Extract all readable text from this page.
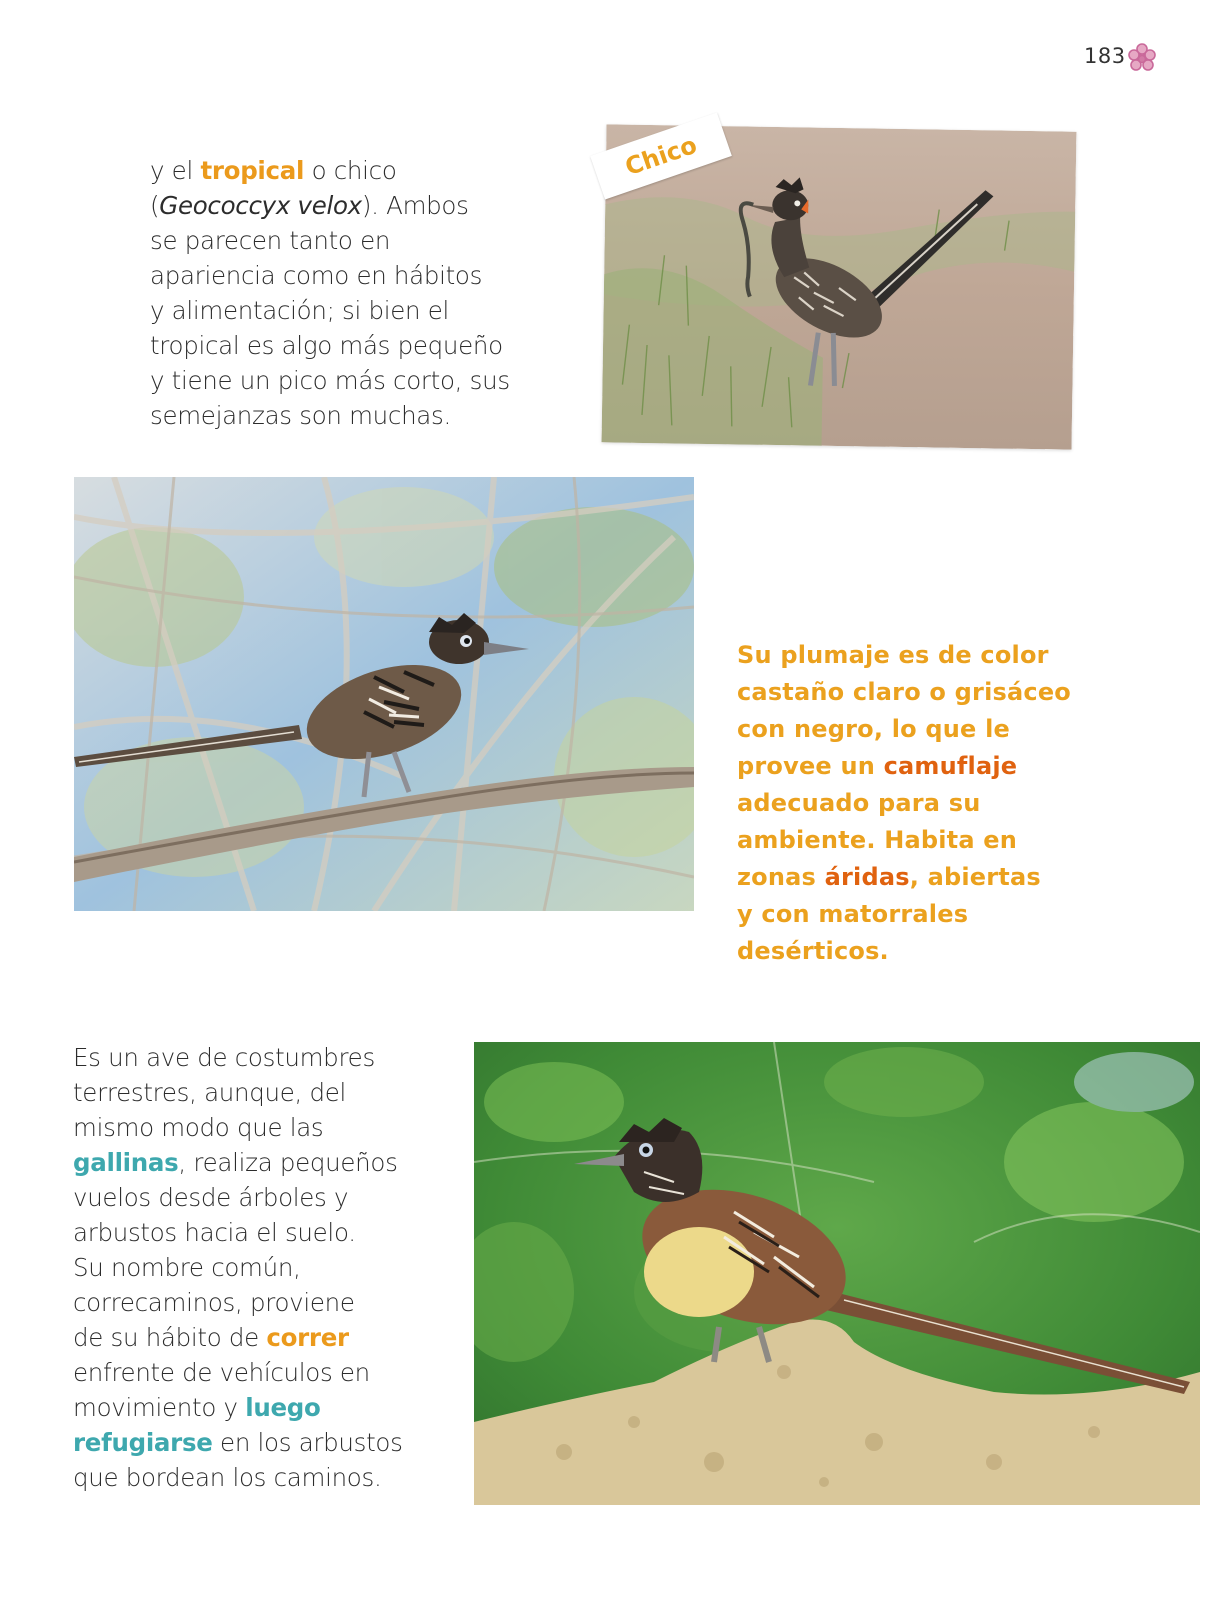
183
y el tropical o chico
(Geococcyx velox). Ambos
se parecen tanto en
apariencia como en hábitos
y alimentación; si bien el
tropical es algo más pequeño
y tiene un pico más corto, sus
semejanzas son muchas.
Chico
Su plumaje es de color
castaño claro o grisáceo
con negro, lo que le
provee un camuflaje
adecuado para su
ambiente. Habita en
zonas áridas, abiertas
y con matorrales
desérticos.
Es un ave de costumbres
terrestres, aunque, del
mismo modo que las
gallinas, realiza pequeños
vuelos desde árboles y
arbustos hacia el suelo.
Su nombre común,
correcaminos, proviene
de su hábito de correr
enfrente de vehículos en
movimiento y luego
refugiarse en los arbustos
que bordean los caminos.
